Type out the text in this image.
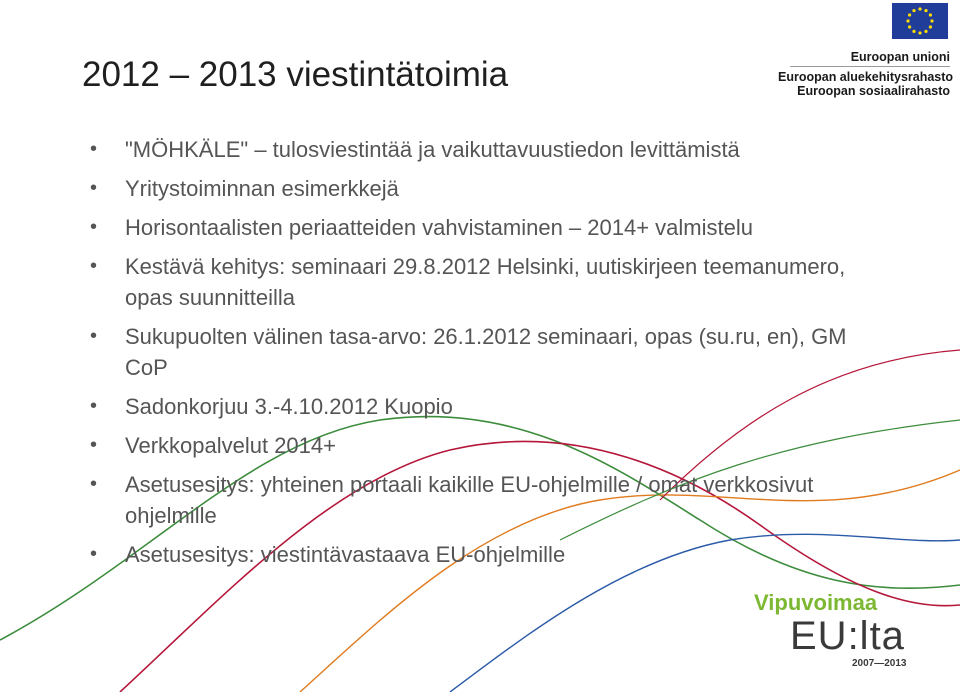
2012 – 2013 viestintätoimia
• "MÖHKÄLE" – tulosviestintää ja vaikuttavuustiedon levittämistä
• Yritystoiminnan esimerkkejä
• Horisontaalisten periaatteiden vahvistaminen – 2014+ valmistelu
• Kestävä kehitys: seminaari 29.8.2012 Helsinki, uutiskirjeen teemanumero, opas suunnitteilla
• Sukupuolten välinen tasa-arvo: 26.1.2012 seminaari, opas (su.ru, en), GM CoP
• Sadonkorjuu 3.-4.10.2012 Kuopio
• Verkkopalvelut 2014+
• Asetusesitys: yhteinen portaali kaikille EU-ohjelmille / omat verkkosivut ohjelmille
• Asetusesitys: viestintävastaava EU-ohjelmille
Euroopan unioni
Euroopan aluekehitysrahasto
Euroopan sosiaalirahasto
Vipuvoimaa
EU:lta
2007—2013
